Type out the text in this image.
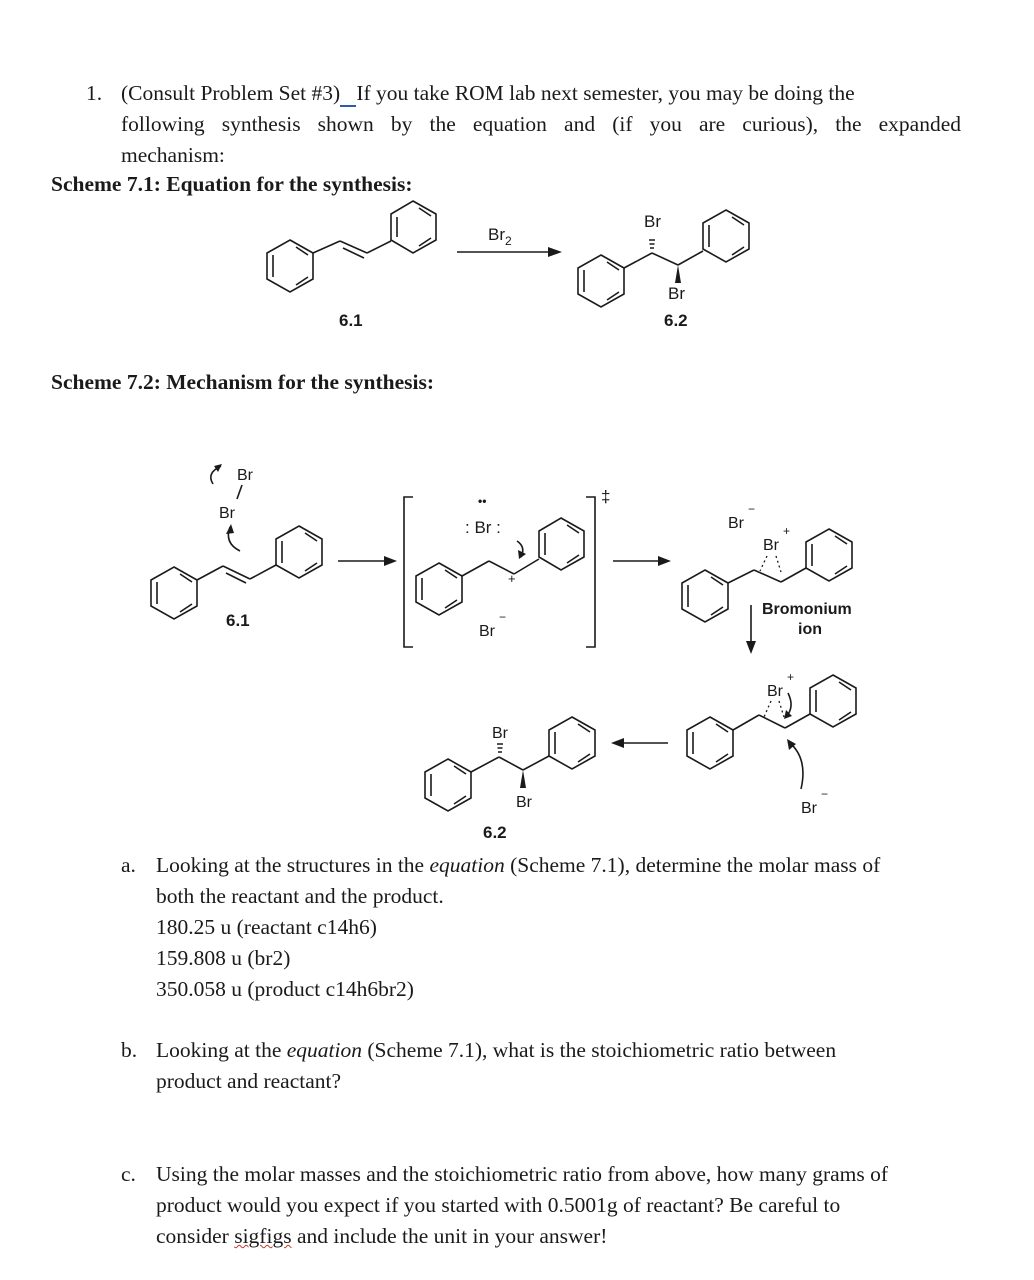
1. (Consult Problem Set #3) If you take ROM lab next semester, you may be doing the
following synthesis shown by the equation and (if you are curious), the expanded
mechanism:
Scheme 7.1: Equation for the synthesis:
6.1
$Br_2$
Br
Br
6.2
Scheme 7.2: Mechanism for the synthesis:
Br
Br
6.1
‡
••
: Br :
+
Br
−
Br
−
Br
+
Bromonium
ion
+
Br
Br
−
Br
Br
6.2
a. Looking at the structures in the equation (Scheme 7.1), determine the molar mass of
both the reactant and the product.
180.25 u (reactant c14h6)
159.808 u (br2)
350.058 u (product c14h6br2)
b. Looking at the equation (Scheme 7.1), what is the stoichiometric ratio between
product and reactant?
c. Using the molar masses and the stoichiometric ratio from above, how many grams of
product would you expect if you started with 0.5001g of reactant? Be careful to
consider sigfigs and include the unit in your answer!
